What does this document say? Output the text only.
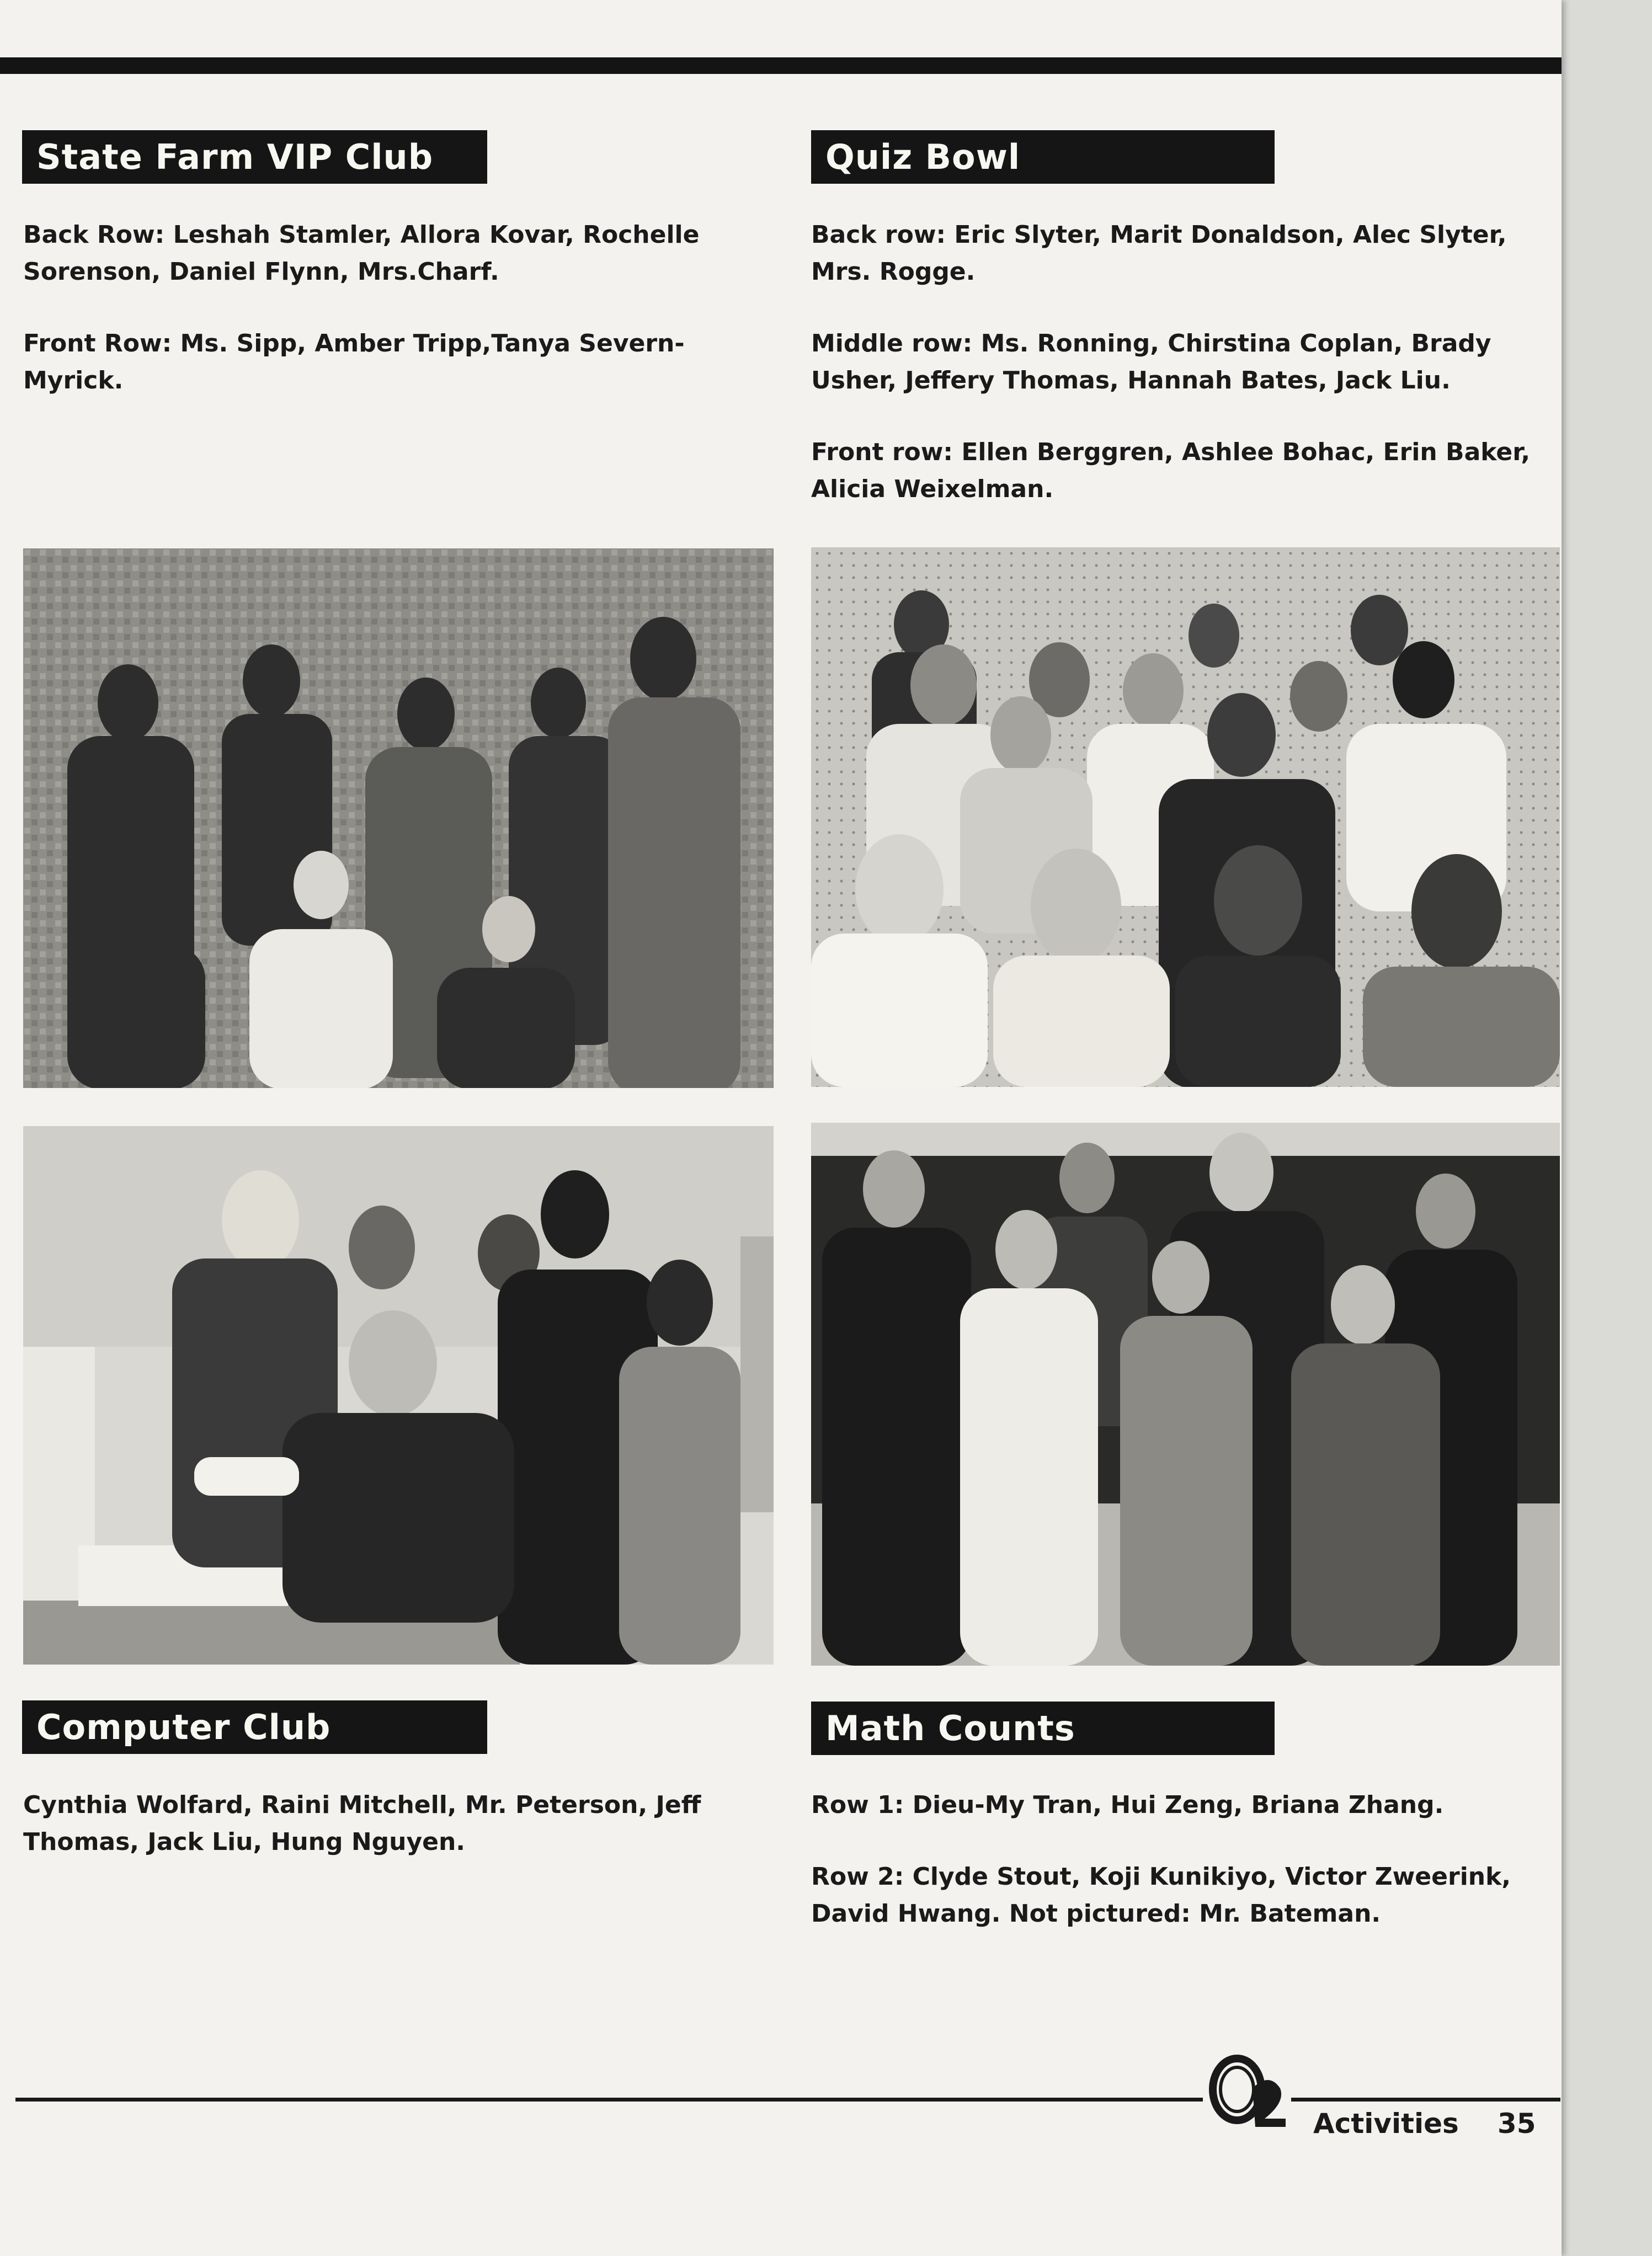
State Farm VIP Club

Back Row: Leshah Stamler, Allora Kovar, Rochelle Sorenson, Daniel Flynn, Mrs.Charf.

Front Row: Ms. Sipp, Amber Tripp,Tanya Severn-Myrick.

Quiz Bowl

Back row: Eric Slyter, Marit Donaldson, Alec Slyter, Mrs. Rogge.

Middle row: Ms. Ronning, Chirstina Coplan, Brady Usher, Jeffery Thomas, Hannah Bates, Jack Liu.

Front row: Ellen Berggren, Ashlee Bohac, Erin Baker, Alicia Weixelman.

Computer Club

Cynthia Wolfard, Raini Mitchell, Mr. Peterson, Jeff Thomas, Jack Liu, Hung Nguyen.

Math Counts

Row 1: Dieu-My Tran, Hui Zeng, Briana Zhang.

Row 2: Clyde Stout, Koji Kunikiyo, Victor Zweerink, David Hwang. Not pictured: Mr. Bateman.

Activities 35
